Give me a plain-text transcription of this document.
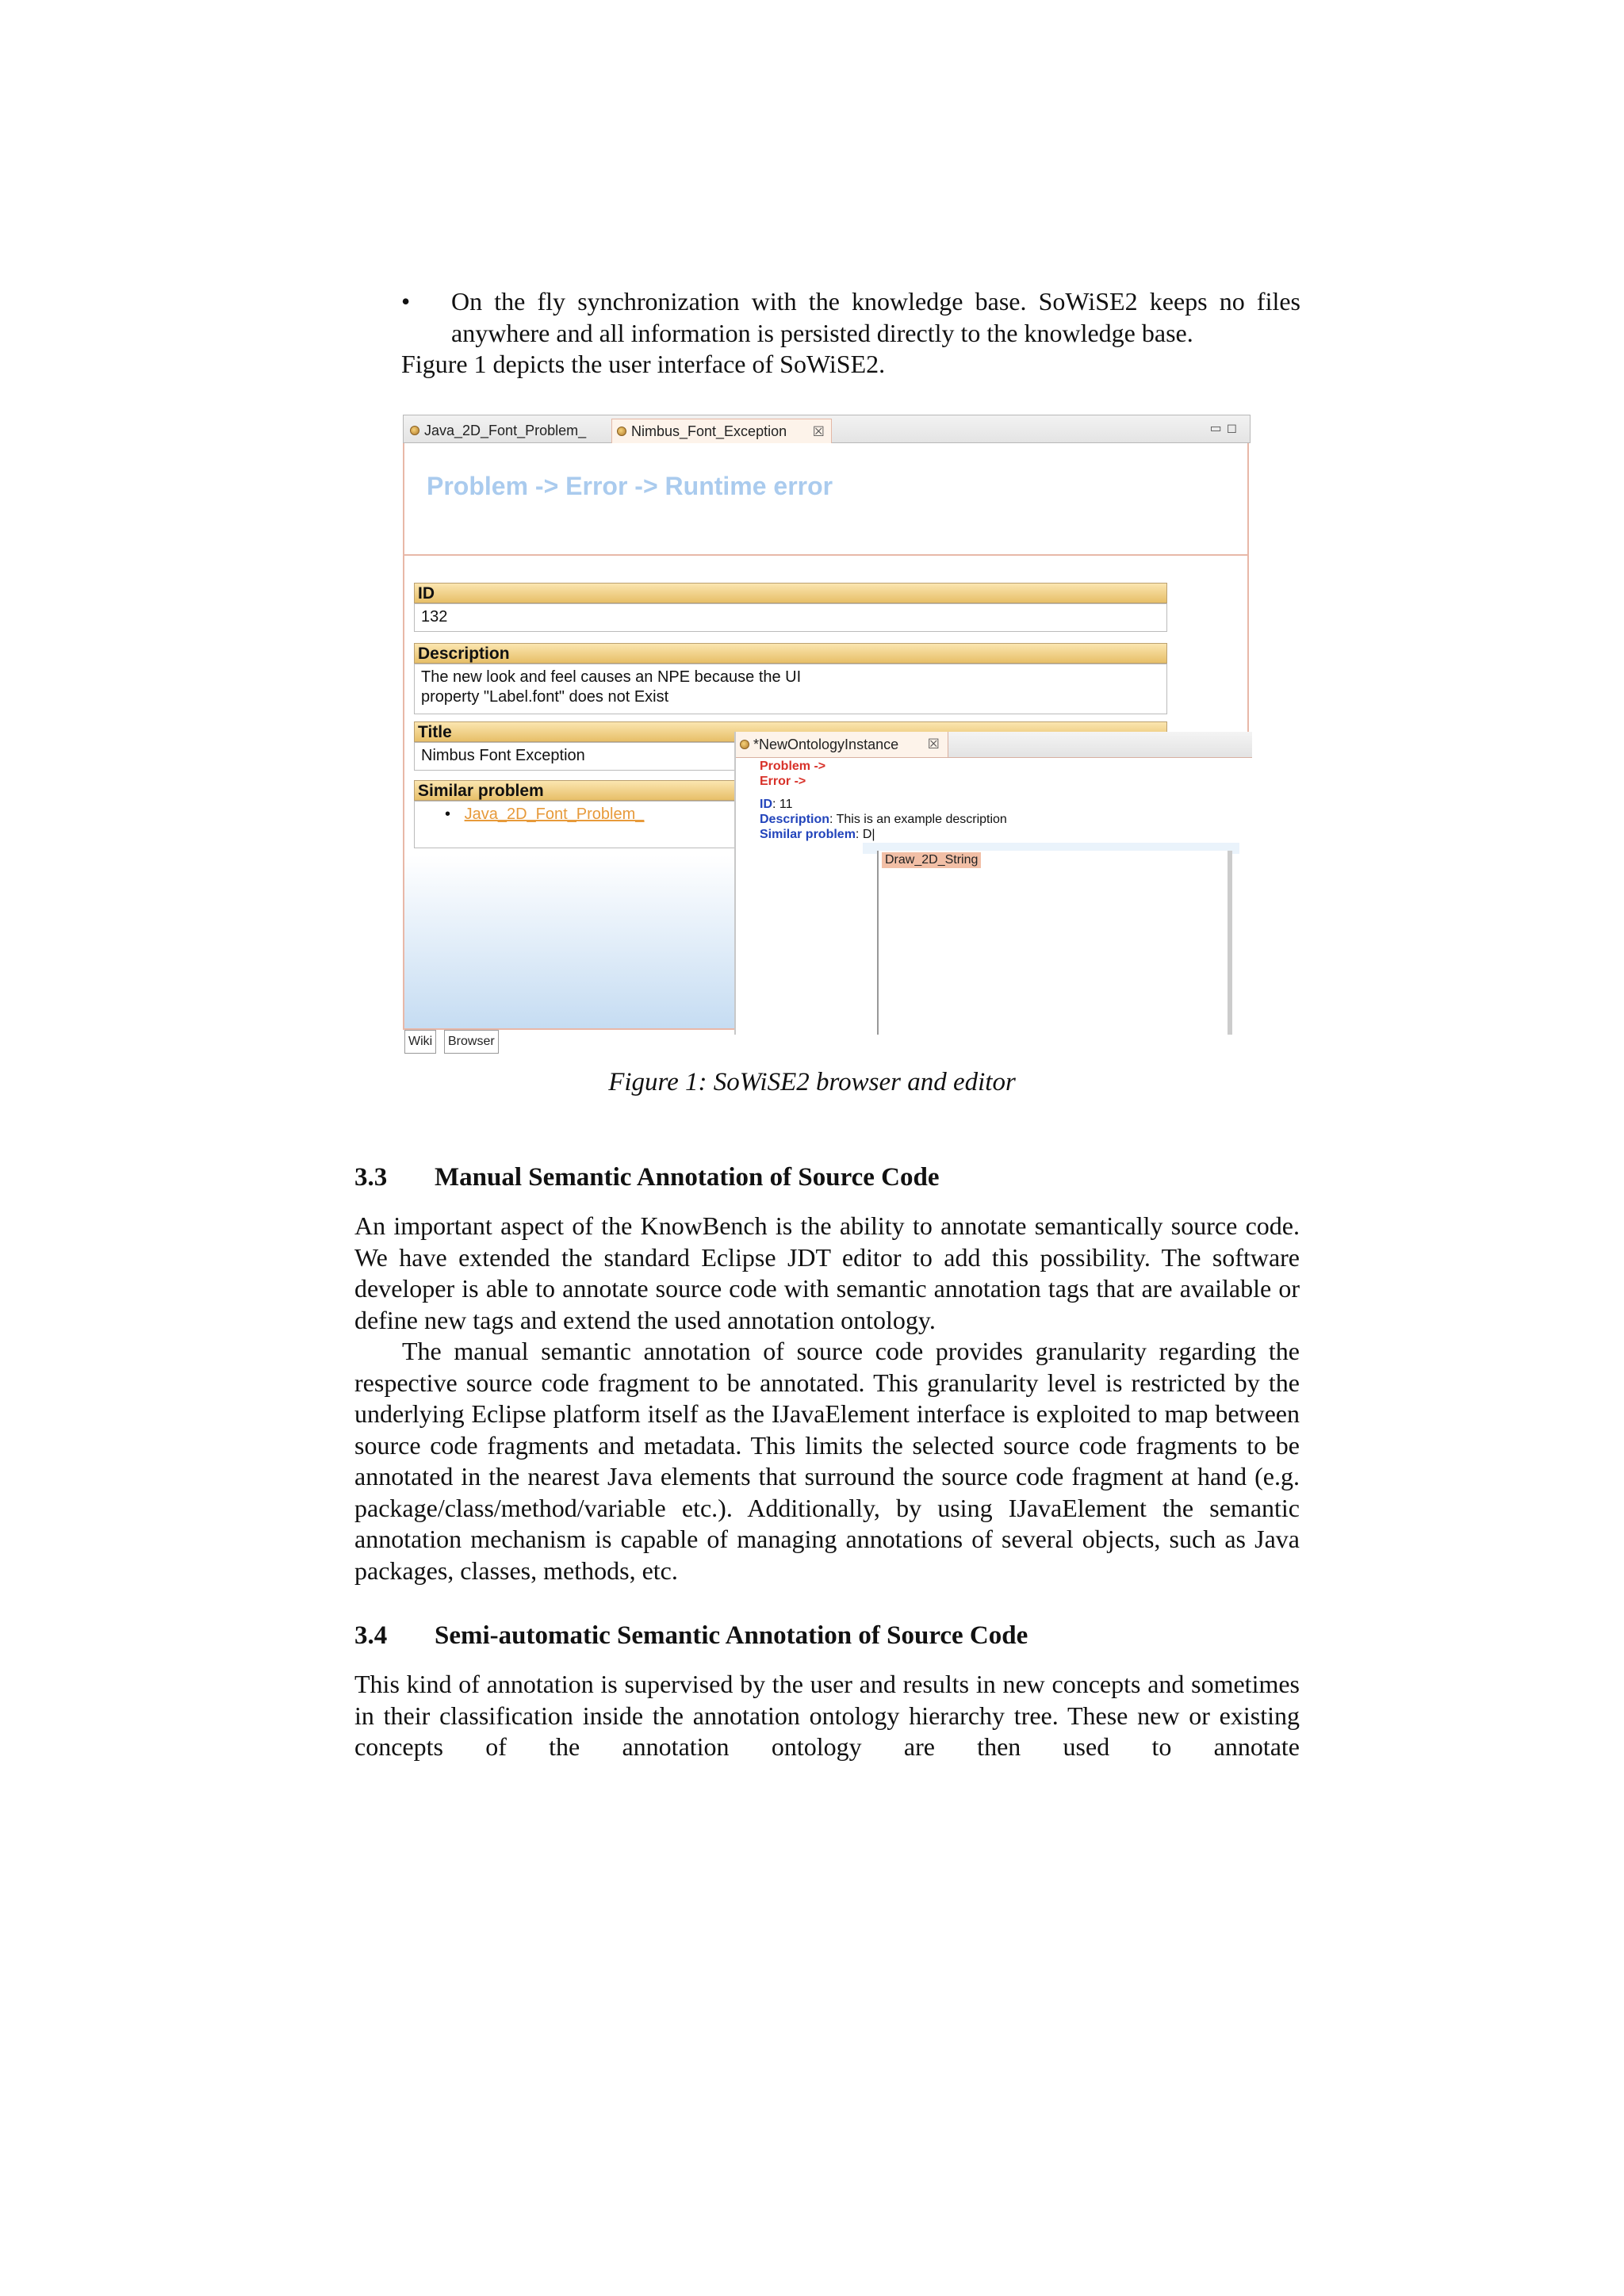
• On the fly synchronization with the knowledge base. SoWiSE2 keeps no files anywhere and all information is persisted directly to the knowledge base.

Figure 1 depicts the user interface of SoWiSE2.
Java_2D_Font_Problem_	Nimbus_Font_Exception ☒	▭◻
Problem -> Error -> Runtime error
ID
132
Description
The new look and feel causes an NPE because the UI property "Label.font" does not Exist
Title
Nimbus Font Exception
Similar problem
• Java_2D_Font_Problem_
Wiki	Browser
*NewOntologyInstance ☒
Problem ->
Error ->
ID: 11
Description: This is an example description
Similar problem: D|
Draw_2D_String
Figure 1: SoWiSE2 browser and editor
3.3 Manual Semantic Annotation of Source Code

An important aspect of the KnowBench is the ability to annotate semantically source code. We have extended the standard Eclipse JDT editor to add this possibility. The software developer is able to annotate source code with semantic annotation tags that are available or define new tags and extend the used annotation ontology.

The manual semantic annotation of source code provides granularity regarding the respective source code fragment to be annotated. This granularity level is restricted by the underlying Eclipse platform itself as the IJavaElement interface is exploited to map between source code fragments and metadata. This limits the selected source code fragments to be annotated in the nearest Java elements that surround the source code fragment at hand (e.g. package/class/method/variable etc.). Additionally, by using IJavaElement the semantic annotation mechanism is capable of managing annotations of several objects, such as Java packages, classes, methods, etc.

3.4 Semi-automatic Semantic Annotation of Source Code

This kind of annotation is supervised by the user and results in new concepts and sometimes in their classification inside the annotation ontology hierarchy tree. These new or existing concepts of the annotation ontology are then used to annotate
